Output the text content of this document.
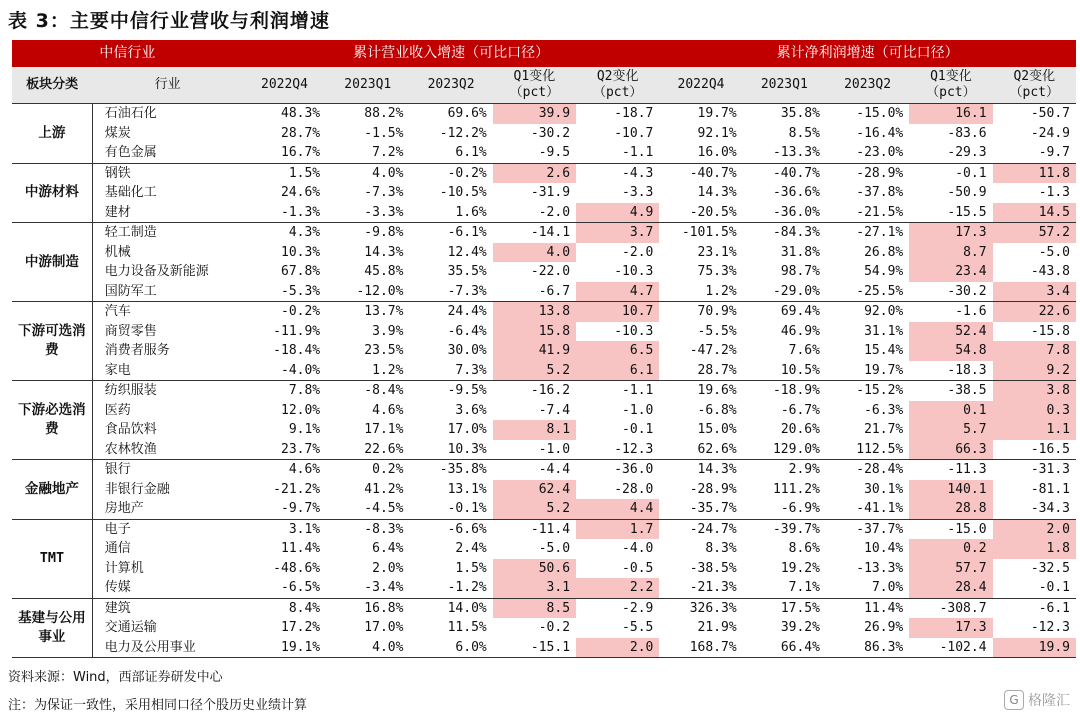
表 3：主要中信行业营收与利润增速
中信行业		累计营业收入增速（可比口径）					累计净利润增速（可比口径）				
板块分类	行业	2022Q4	2023Q1	2023Q2	Q1变化（pct）	Q2变化（pct）	2022Q4	2023Q1	2023Q2	Q1变化（pct）	Q2变化（pct）
上游	石油石化	48.3%	88.2%	69.6%	39.9	-18.7	19.7%	35.8%	-15.0%	16.1	-50.7
	煤炭	28.7%	-1.5%	-12.2%	-30.2	-10.7	92.1%	8.5%	-16.4%	-83.6	-24.9
	有色金属	16.7%	7.2%	6.1%	-9.5	-1.1	16.0%	-13.3%	-23.0%	-29.3	-9.7
中游材料	钢铁	1.5%	4.0%	-0.2%	2.6	-4.3	-40.7%	-40.7%	-28.9%	-0.1	11.8
	基础化工	24.6%	-7.3%	-10.5%	-31.9	-3.3	14.3%	-36.6%	-37.8%	-50.9	-1.3
	建材	-1.3%	-3.3%	1.6%	-2.0	4.9	-20.5%	-36.0%	-21.5%	-15.5	14.5
中游制造	轻工制造	4.3%	-9.8%	-6.1%	-14.1	3.7	-101.5%	-84.3%	-27.1%	17.3	57.2
	机械	10.3%	14.3%	12.4%	4.0	-2.0	23.1%	31.8%	26.8%	8.7	-5.0
	电力设备及新能源	67.8%	45.8%	35.5%	-22.0	-10.3	75.3%	98.7%	54.9%	23.4	-43.8
	国防军工	-5.3%	-12.0%	-7.3%	-6.7	4.7	1.2%	-29.0%	-25.5%	-30.2	3.4
下游可选消费	汽车	-0.2%	13.7%	24.4%	13.8	10.7	70.9%	69.4%	92.0%	-1.6	22.6
	商贸零售	-11.9%	3.9%	-6.4%	15.8	-10.3	-5.5%	46.9%	31.1%	52.4	-15.8
	消费者服务	-18.4%	23.5%	30.0%	41.9	6.5	-47.2%	7.6%	15.4%	54.8	7.8
	家电	-4.0%	1.2%	7.3%	5.2	6.1	28.7%	10.5%	19.7%	-18.3	9.2
下游必选消费	纺织服装	7.8%	-8.4%	-9.5%	-16.2	-1.1	19.6%	-18.9%	-15.2%	-38.5	3.8
	医药	12.0%	4.6%	3.6%	-7.4	-1.0	-6.8%	-6.7%	-6.3%	0.1	0.3
	食品饮料	9.1%	17.1%	17.0%	8.1	-0.1	15.0%	20.6%	21.7%	5.7	1.1
	农林牧渔	23.7%	22.6%	10.3%	-1.0	-12.3	62.6%	129.0%	112.5%	66.3	-16.5
金融地产	银行	4.6%	0.2%	-35.8%	-4.4	-36.0	14.3%	2.9%	-28.4%	-11.3	-31.3
	非银行金融	-21.2%	41.2%	13.1%	62.4	-28.0	-28.9%	111.2%	30.1%	140.1	-81.1
	房地产	-9.7%	-4.5%	-0.1%	5.2	4.4	-35.7%	-6.9%	-41.1%	28.8	-34.3
TMT	电子	3.1%	-8.3%	-6.6%	-11.4	1.7	-24.7%	-39.7%	-37.7%	-15.0	2.0
	通信	11.4%	6.4%	2.4%	-5.0	-4.0	8.3%	8.6%	10.4%	0.2	1.8
	计算机	-48.6%	2.0%	1.5%	50.6	-0.5	-38.5%	19.2%	-13.3%	57.7	-32.5
	传媒	-6.5%	-3.4%	-1.2%	3.1	2.2	-21.3%	7.1%	7.0%	28.4	-0.1
基建与公用事业	建筑	8.4%	16.8%	14.0%	8.5	-2.9	326.3%	17.5%	11.4%	-308.7	-6.1
	交通运输	17.2%	17.0%	11.5%	-0.2	-5.5	21.9%	39.2%	26.9%	17.3	-12.3
	电力及公用事业	19.1%	4.0%	6.0%	-15.1	2.0	168.7%	66.4%	86.3%	-102.4	19.9
资料来源：Wind，西部证券研发中心
注：为保证一致性，采用相同口径个股历史业绩计算	G 格隆汇
